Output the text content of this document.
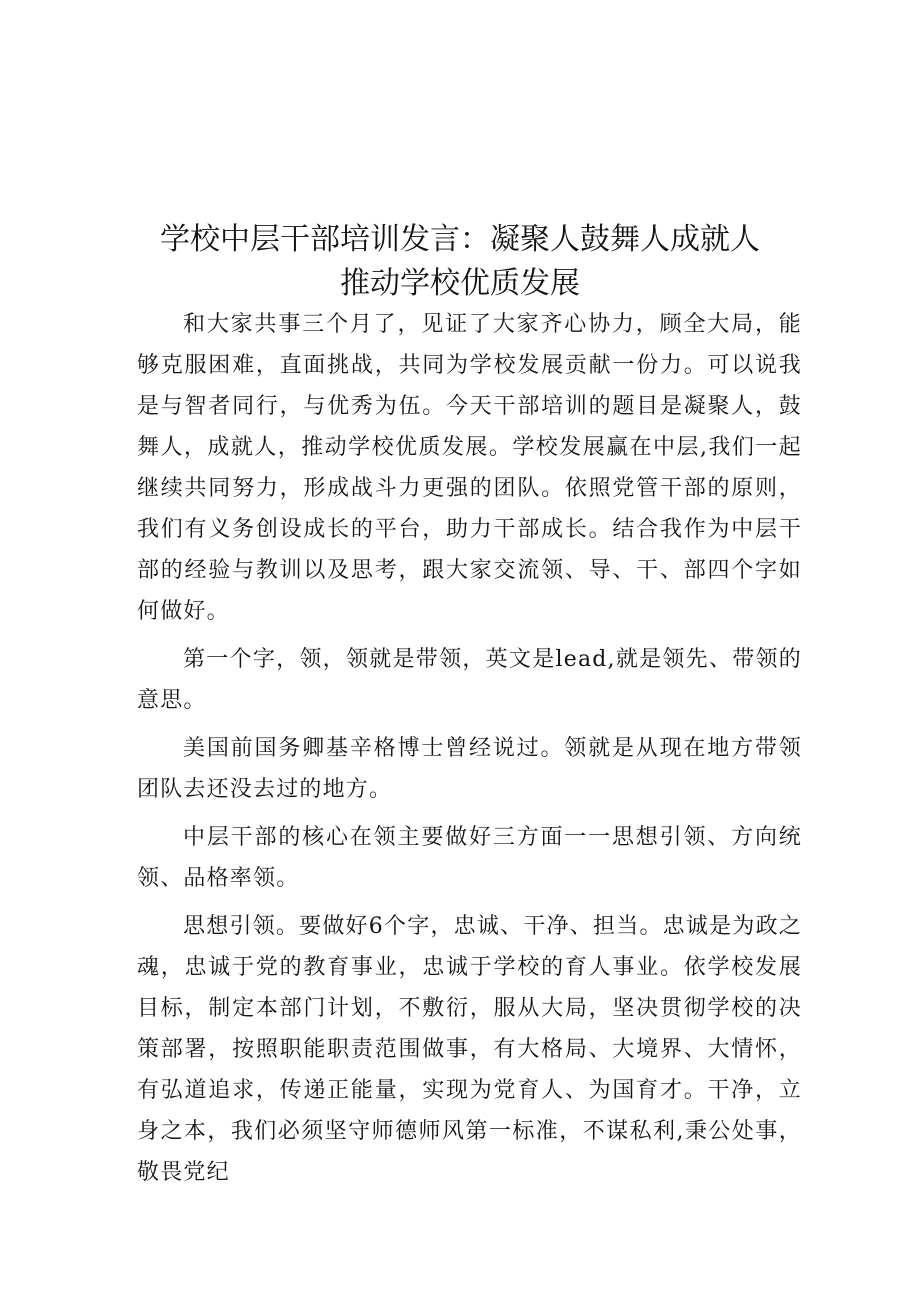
学校中层干部培训发言：凝聚人鼓舞人成就人
推动学校优质发展

和大家共事三个月了，见证了大家齐心协力，顾全大局，能够克服困难，直面挑战，共同为学校发展贡献一份力。可以说我是与智者同行，与优秀为伍。今天干部培训的题目是凝聚人，鼓舞人，成就人，推动学校优质发展。学校发展赢在中层,我们一起继续共同努力，形成战斗力更强的团队。依照党管干部的原则，我们有义务创设成长的平台，助力干部成长。结合我作为中层干部的经验与教训以及思考，跟大家交流领、导、干、部四个字如何做好。

第一个字，领，领就是带领，英文是lead,就是领先、带领的意思。

美国前国务卿基辛格博士曾经说过。领就是从现在地方带领团队去还没去过的地方。

中层干部的核心在领主要做好三方面一一思想引领、方向统领、品格率领。

思想引领。要做好6个字，忠诚、干净、担当。忠诚是为政之魂，忠诚于党的教育事业，忠诚于学校的育人事业。依学校发展目标，制定本部门计划，不敷衍，服从大局，坚决贯彻学校的决策部署，按照职能职责范围做事，有大格局、大境界、大情怀，有弘道追求，传递正能量，实现为党育人、为国育才。干净，立身之本，我们必须坚守师德师风第一标准，不谋私利,秉公处事，敬畏党纪
